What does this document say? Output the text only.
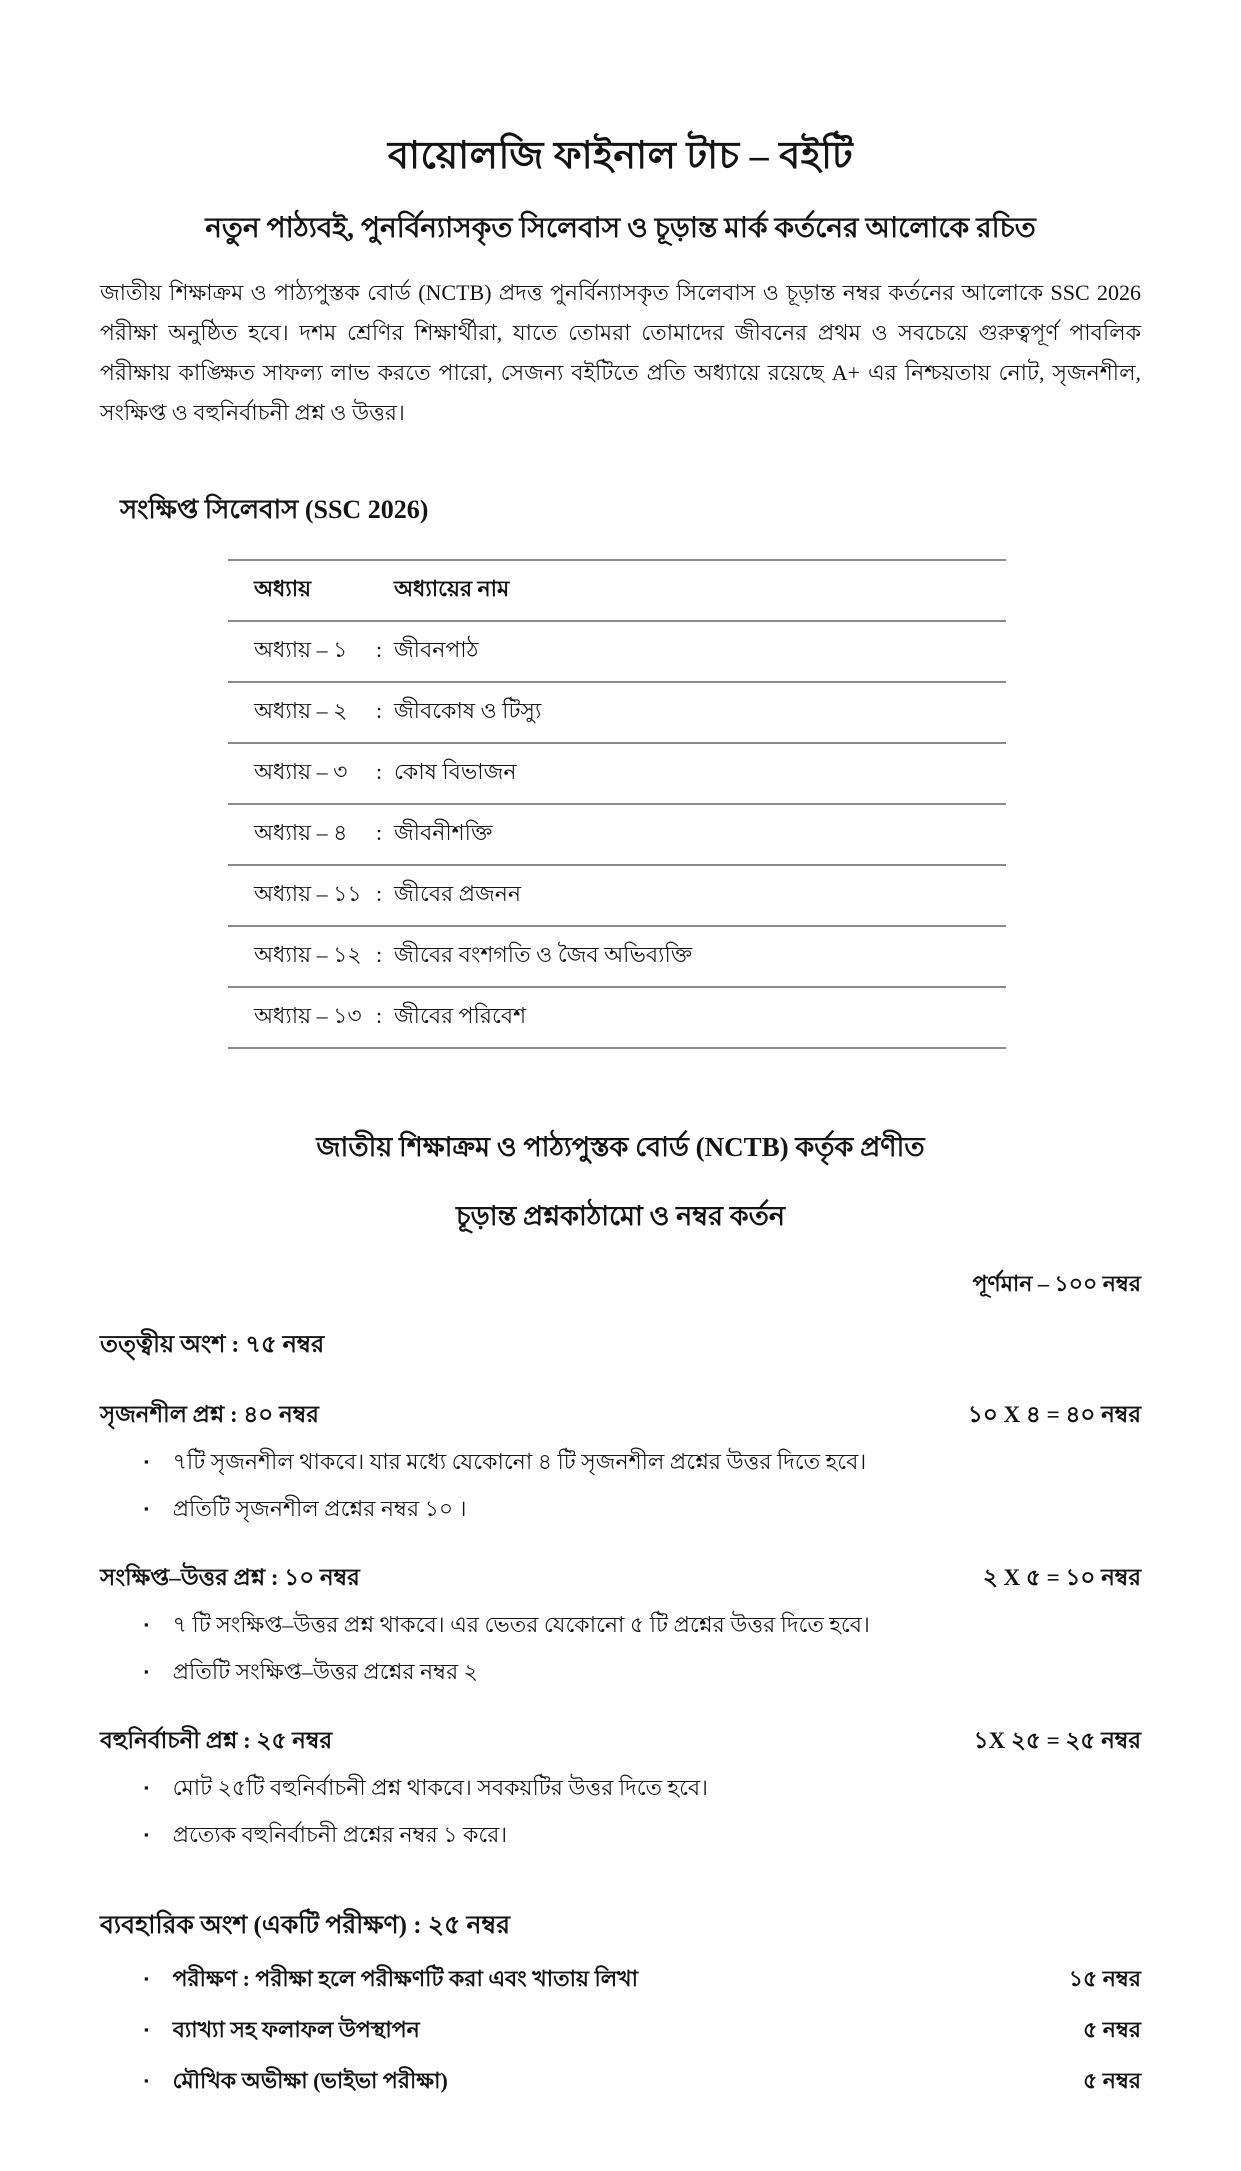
বায়োলজি ফাইনাল টাচ – বইটি
নতুন পাঠ্যবই, পুনর্বিন্যাসকৃত সিলেবাস ও চূড়ান্ত মার্ক কর্তনের আলোকে রচিত

জাতীয় শিক্ষাক্রম ও পাঠ্যপুস্তক বোর্ড (NCTB) প্রদত্ত পুনর্বিন্যাসকৃত সিলেবাস ও চূড়ান্ত নম্বর কর্তনের আলোকে SSC 2026 পরীক্ষা অনুষ্ঠিত হবে। দশম শ্রেণির শিক্ষার্থীরা, যাতে তোমরা তোমাদের জীবনের প্রথম ও সবচেয়ে গুরুত্বপূর্ণ পাবলিক পরীক্ষায় কাঙ্ক্ষিত সাফল্য লাভ করতে পারো, সেজন্য বইটিতে প্রতি অধ্যায়ে রয়েছে A+ এর নিশ্চয়তায় নোট, সৃজনশীল, সংক্ষিপ্ত ও বহুনির্বাচনী প্রশ্ন ও উত্তর।

সংক্ষিপ্ত সিলেবাস (SSC 2026)
অধ্যায়	অধ্যায়ের নাম
অধ্যায় – ১	: জীবনপাঠ
অধ্যায় – ২	: জীবকোষ ও টিস্যু
অধ্যায় – ৩	: কোষ বিভাজন
অধ্যায় – ৪	: জীবনীশক্তি
অধ্যায় – ১১ : জীবের প্রজনন
অধ্যায় – ১২ : জীবের বংশগতি ও জৈব অভিব্যক্তি
অধ্যায় – ১৩ : জীবের পরিবেশ
জাতীয় শিক্ষাক্রম ও পাঠ্যপুস্তক বোর্ড (NCTB) কর্তৃক প্রণীত
চূড়ান্ত প্রশ্নকাঠামো ও নম্বর কর্তন
পূর্ণমান – ১০০ নম্বর
তত্ত্বীয় অংশ : ৭৫ নম্বর
সৃজনশীল প্রশ্ন : ৪০ নম্বর	১০ X ৪ = ৪০ নম্বর
▪ ৭টি সৃজনশীল থাকবে। যার মধ্যে যেকোনো ৪ টি সৃজনশীল প্রশ্নের উত্তর দিতে হবে।
▪ প্রতিটি সৃজনশীল প্রশ্নের নম্বর ১০ ।
সংক্ষিপ্ত–উত্তর প্রশ্ন : ১০ নম্বর	২ X ৫ = ১০ নম্বর
▪ ৭ টি সংক্ষিপ্ত–উত্তর প্রশ্ন থাকবে। এর ভেতর যেকোনো ৫ টি প্রশ্নের উত্তর দিতে হবে।
▪ প্রতিটি সংক্ষিপ্ত–উত্তর প্রশ্নের নম্বর ২
বহুনির্বাচনী প্রশ্ন : ২৫ নম্বর	১X ২৫ = ২৫ নম্বর
▪ মোট ২৫টি বহুনির্বাচনী প্রশ্ন থাকবে। সবকয়টির উত্তর দিতে হবে।
▪ প্রত্যেক বহুনির্বাচনী প্রশ্নের নম্বর ১ করে।
ব্যবহারিক অংশ (একটি পরীক্ষণ) : ২৫ নম্বর
▪ পরীক্ষণ : পরীক্ষা হলে পরীক্ষণটি করা এবং খাতায় লিখা	১৫ নম্বর
▪ ব্যাখ্যা সহ ফলাফল উপস্থাপন	৫ নম্বর
▪ মৌখিক অভীক্ষা (ভাইভা পরীক্ষা)	৫ নম্বর
